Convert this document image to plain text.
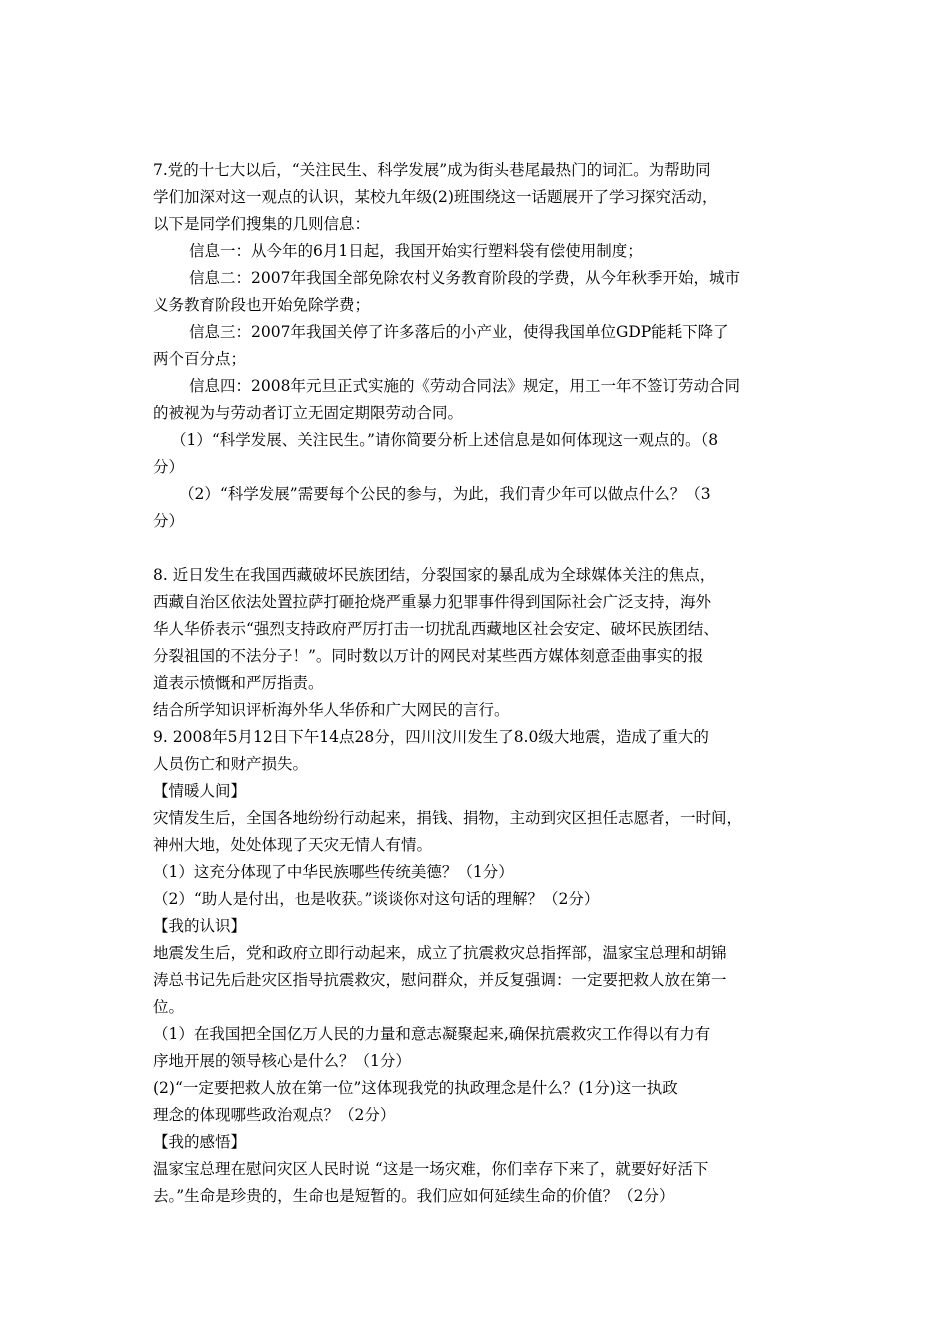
7.党的十七大以后，“关注民生、科学发展”成为街头巷尾最热门的词汇。为帮助同
学们加深对这一观点的认识，某校九年级(2)班围绕这一话题展开了学习探究活动，
以下是同学们搜集的几则信息：
信息一：从今年的6月1日起，我国开始实行塑料袋有偿使用制度；
信息二：2007年我国全部免除农村义务教育阶段的学费，从今年秋季开始，城市
义务教育阶段也开始免除学费；
信息三：2007年我国关停了许多落后的小产业，使得我国单位GDP能耗下降了
两个百分点；
信息四：2008年元旦正式实施的《劳动合同法》规定，用工一年不签订劳动合同
的被视为与劳动者订立无固定期限劳动合同。
（1）“科学发展、关注民生。”请你简要分析上述信息是如何体现这一观点的。（8
分）
（2）“科学发展”需要每个公民的参与，为此，我们青少年可以做点什么？（3
分）
8. 近日发生在我国西藏破坏民族团结，分裂国家的暴乱成为全球媒体关注的焦点，
西藏自治区依法处置拉萨打砸抢烧严重暴力犯罪事件得到国际社会广泛支持，海外
华人华侨表示“强烈支持政府严厉打击一切扰乱西藏地区社会安定、破坏民族团结、
分裂祖国的不法分子！”。同时数以万计的网民对某些西方媒体刻意歪曲事实的报
道表示愤慨和严厉指责。
结合所学知识评析海外华人华侨和广大网民的言行。
9. 2008年5月12日下午14点28分，四川汶川发生了8.0级大地震，造成了重大的
人员伤亡和财产损失。
【情暖人间】
灾情发生后，全国各地纷纷行动起来，捐钱、捐物，主动到灾区担任志愿者，一时间，
神州大地，处处体现了天灾无情人有情。
（1）这充分体现了中华民族哪些传统美德？（1分）
（2）“助人是付出，也是收获。”谈谈你对这句话的理解？（2分）
【我的认识】
地震发生后，党和政府立即行动起来，成立了抗震救灾总指挥部，温家宝总理和胡锦
涛总书记先后赴灾区指导抗震救灾，慰问群众，并反复强调：一定要把救人放在第一
位。
（1）在我国把全国亿万人民的力量和意志凝聚起来,确保抗震救灾工作得以有力有
序地开展的领导核心是什么？（1分）
(2)“一定要把救人放在第一位”这体现我党的执政理念是什么？(1分)这一执政
理念的体现哪些政治观点？（2分）
【我的感悟】
温家宝总理在慰问灾区人民时说 “这是一场灾难，你们幸存下来了，就要好好活下
去。”生命是珍贵的，生命也是短暂的。我们应如何延续生命的价值？（2分）
